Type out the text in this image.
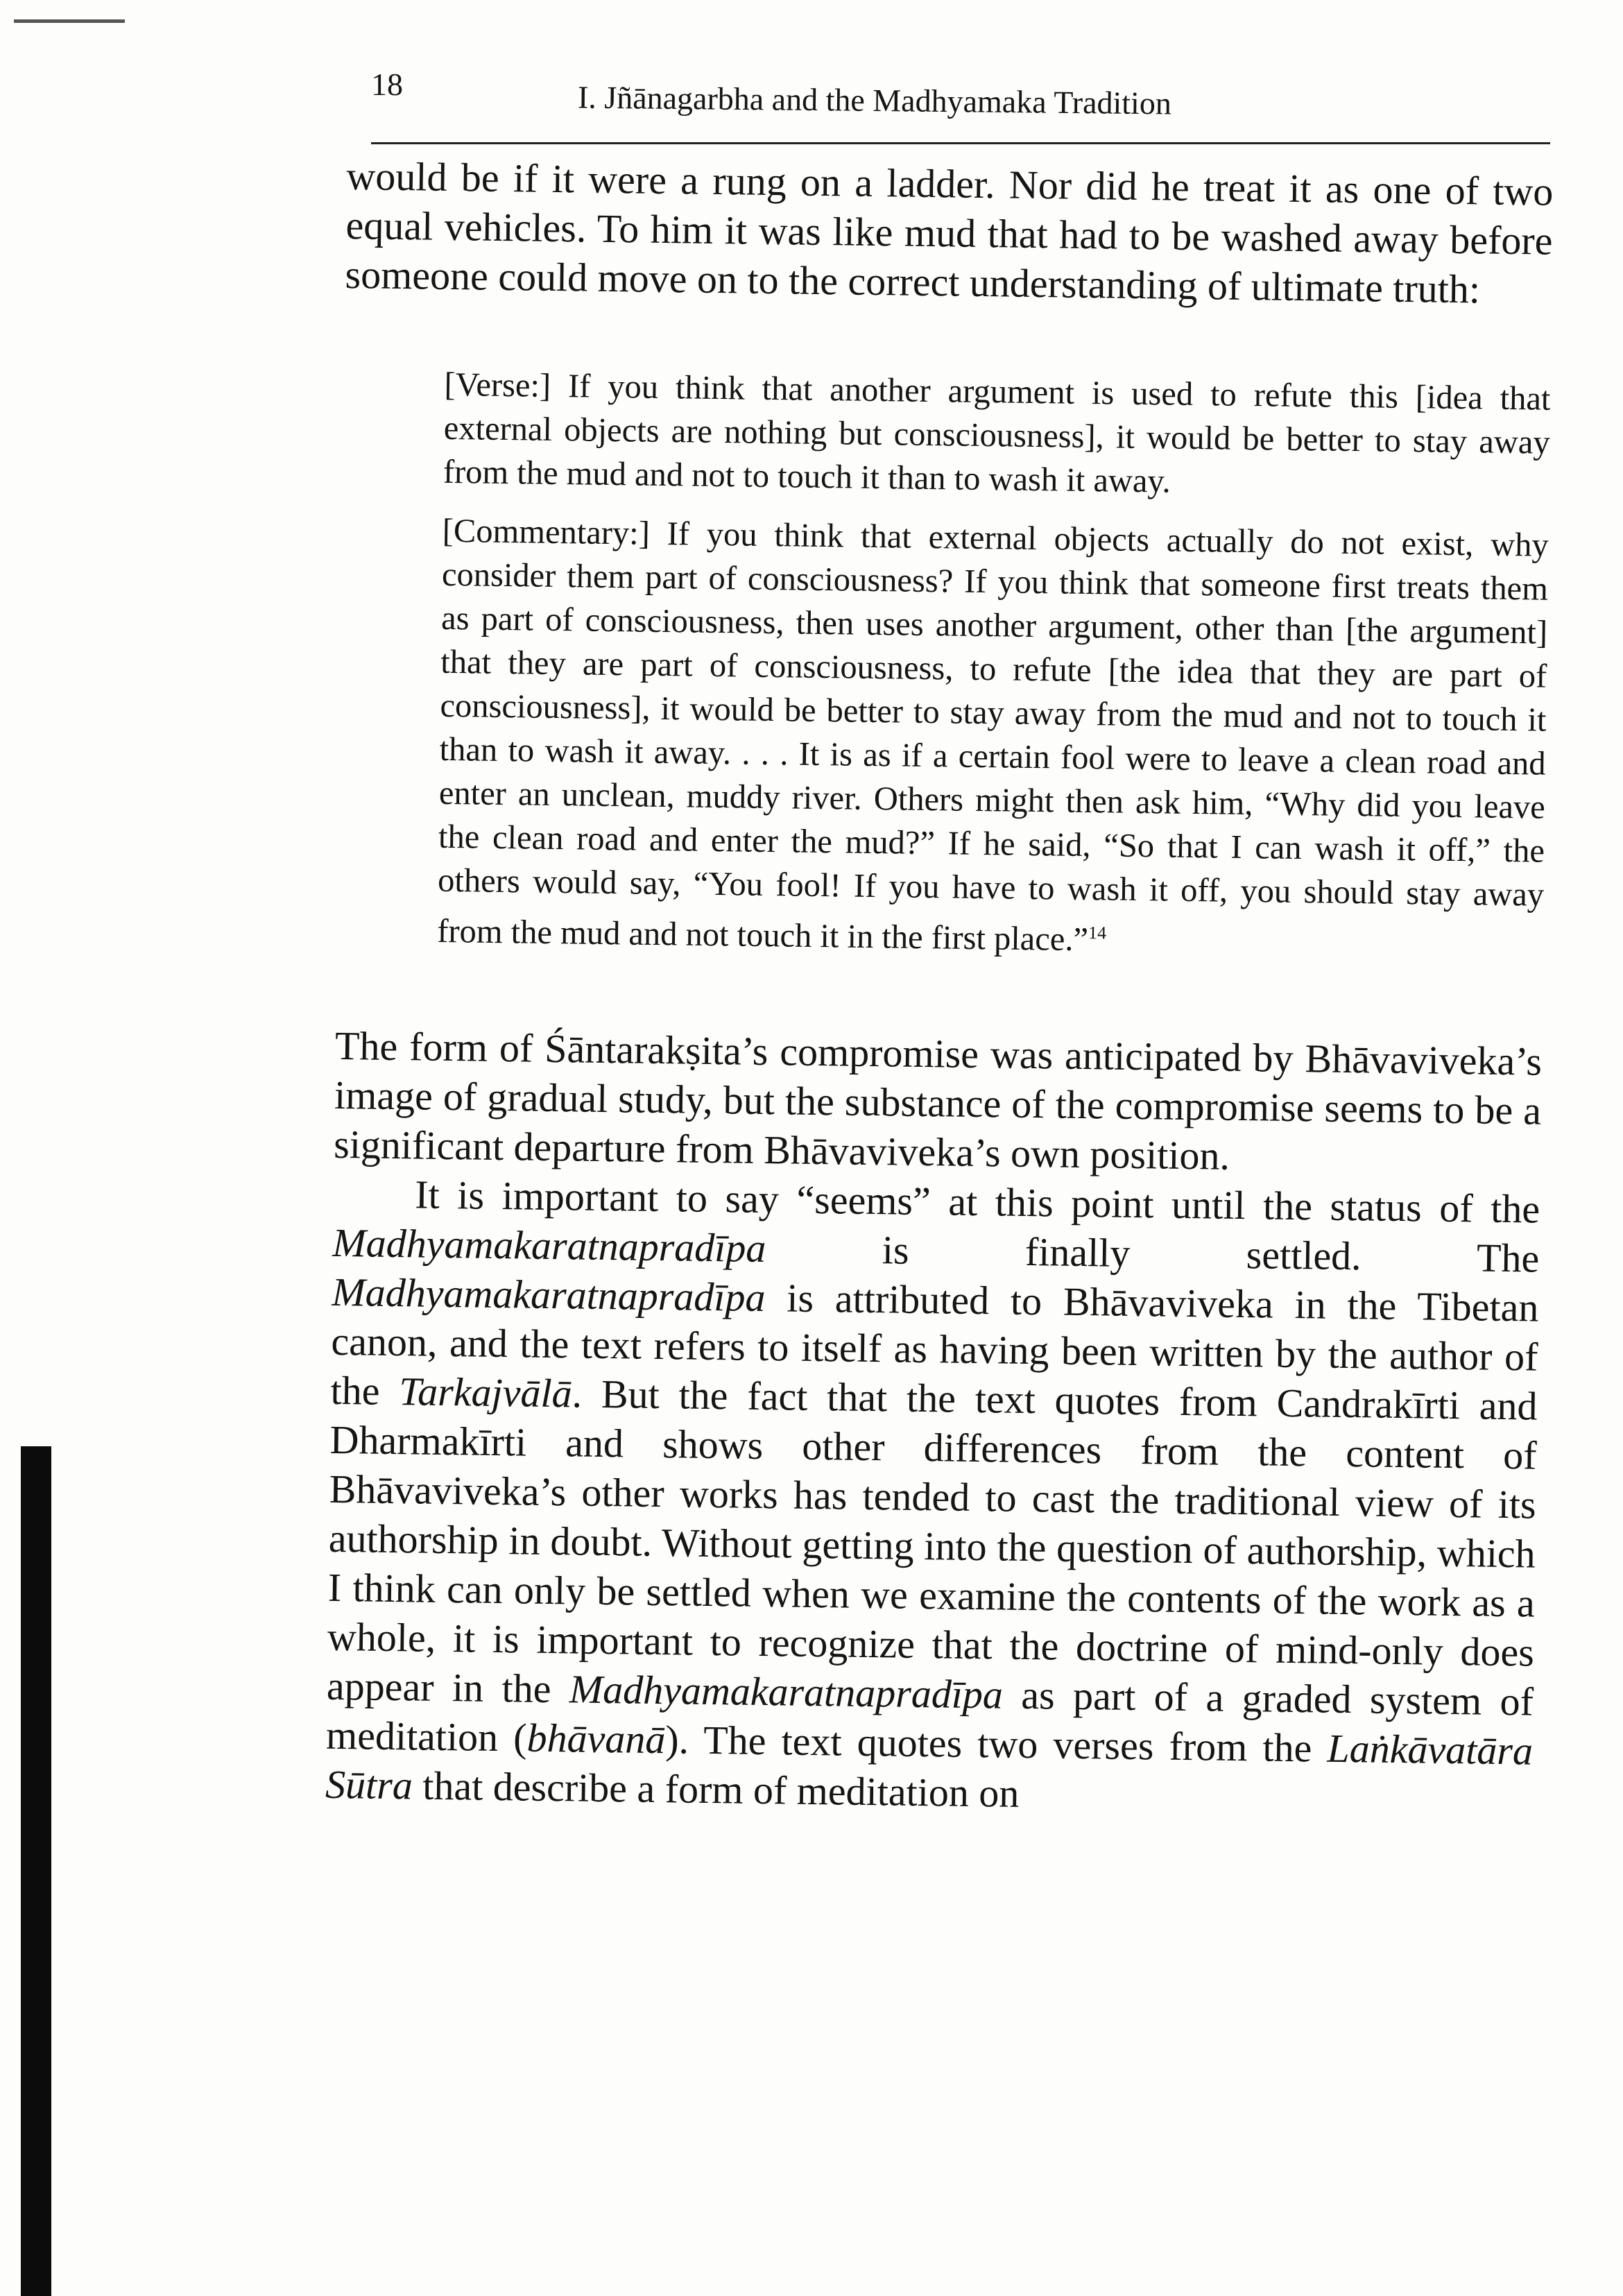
18	I. Jñānagarbha and the Madhyamaka Tradition

would be if it were a rung on a ladder. Nor did he treat it as one of two equal vehicles. To him it was like mud that had to be washed away before someone could move on to the correct understanding of ultimate truth:

[Verse:] If you think that another argument is used to refute this [idea that external objects are nothing but consciousness], it would be better to stay away from the mud and not to touch it than to wash it away.

[Commentary:] If you think that external objects actually do not exist, why consider them part of consciousness? If you think that someone first treats them as part of consciousness, then uses another argument, other than [the argument] that they are part of consciousness, to refute [the idea that they are part of consciousness], it would be better to stay away from the mud and not to touch it than to wash it away. . . . It is as if a certain fool were to leave a clean road and enter an unclean, muddy river. Others might then ask him, “Why did you leave the clean road and enter the mud?” If he said, “So that I can wash it off,” the others would say, “You fool! If you have to wash it off, you should stay away from the mud and not touch it in the first place.”$^{14}$

The form of Śāntarakṣita’s compromise was anticipated by Bhāvaviveka’s image of gradual study, but the substance of the compromise seems to be a significant departure from Bhāvaviveka’s own position.

It is important to say “seems” at this point until the status of the Madhyamakaratnapradīpa is finally settled. The Madhyamakaratnapradīpa is attributed to Bhāvaviveka in the Tibetan canon, and the text refers to itself as having been written by the author of the Tarkajvālā. But the fact that the text quotes from Candrakīrti and Dharmakīrti and shows other differences from the content of Bhāvaviveka’s other works has tended to cast the traditional view of its authorship in doubt. Without getting into the question of authorship, which I think can only be settled when we examine the contents of the work as a whole, it is important to recognize that the doctrine of mind-only does appear in the Madhyamakaratnapradīpa as part of a graded system of meditation (bhāvanā). The text quotes two verses from the Laṅkāvatāra Sūtra that describe a form of meditation on
